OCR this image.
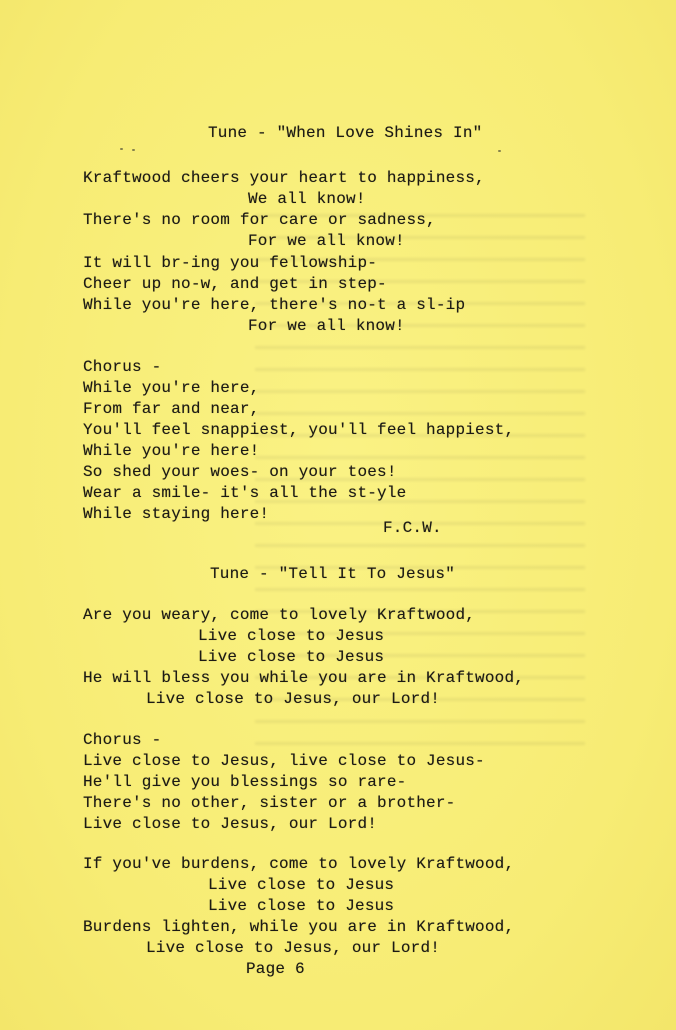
Tune - "When Love Shines In"
Kraftwood cheers your heart to happiness,
We all know!
There's no room for care or sadness,
For we all know!
It will br-ing you fellowship-
Cheer up no-w, and get in step-
While you're here, there's no-t a sl-ip
For we all know!
Chorus -
While you're here,
From far and near,
You'll feel snappiest, you'll feel happiest,
While you're here!
So shed your woes- on your toes!
Wear a smile- it's all the st-yle
While staying here!
F.C.W.
Tune - "Tell It To Jesus"
Are you weary, come to lovely Kraftwood,
Live close to Jesus
Live close to Jesus
He will bless you while you are in Kraftwood,
Live close to Jesus, our Lord!
Chorus -
Live close to Jesus, live close to Jesus-
He'll give you blessings so rare-
There's no other, sister or a brother-
Live close to Jesus, our Lord!
If you've burdens, come to lovely Kraftwood,
Live close to Jesus
Live close to Jesus
Burdens lighten, while you are in Kraftwood,
Live close to Jesus, our Lord!
Page 6
